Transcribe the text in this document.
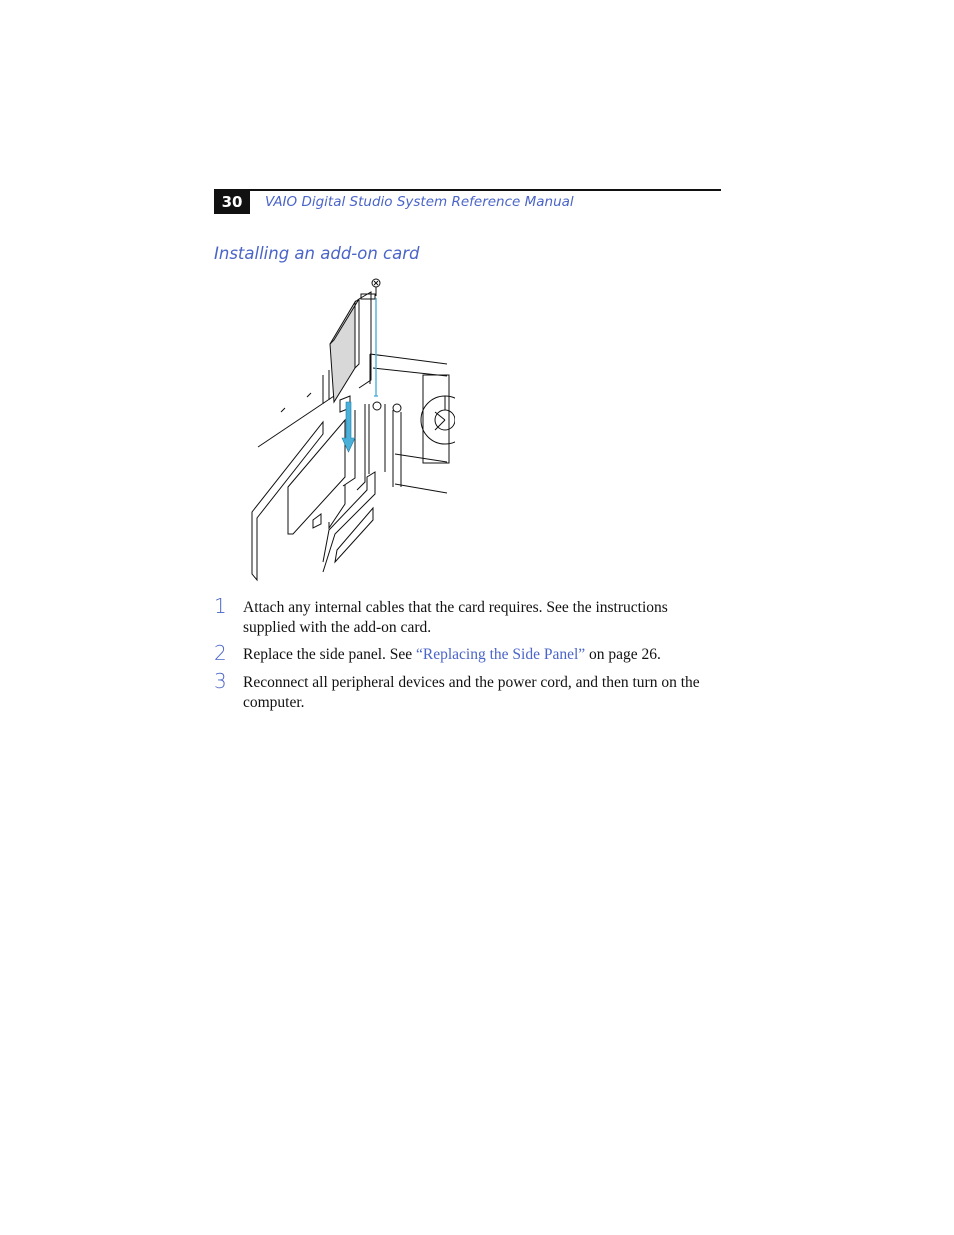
30	VAIO Digital Studio System Reference Manual
Installing an add-on card
1 Attach any internal cables that the card requires. See the instructions supplied with the add-on card.
2 Replace the side panel. See “Replacing the Side Panel” on page 26.
3 Reconnect all peripheral devices and the power cord, and then turn on the computer.
